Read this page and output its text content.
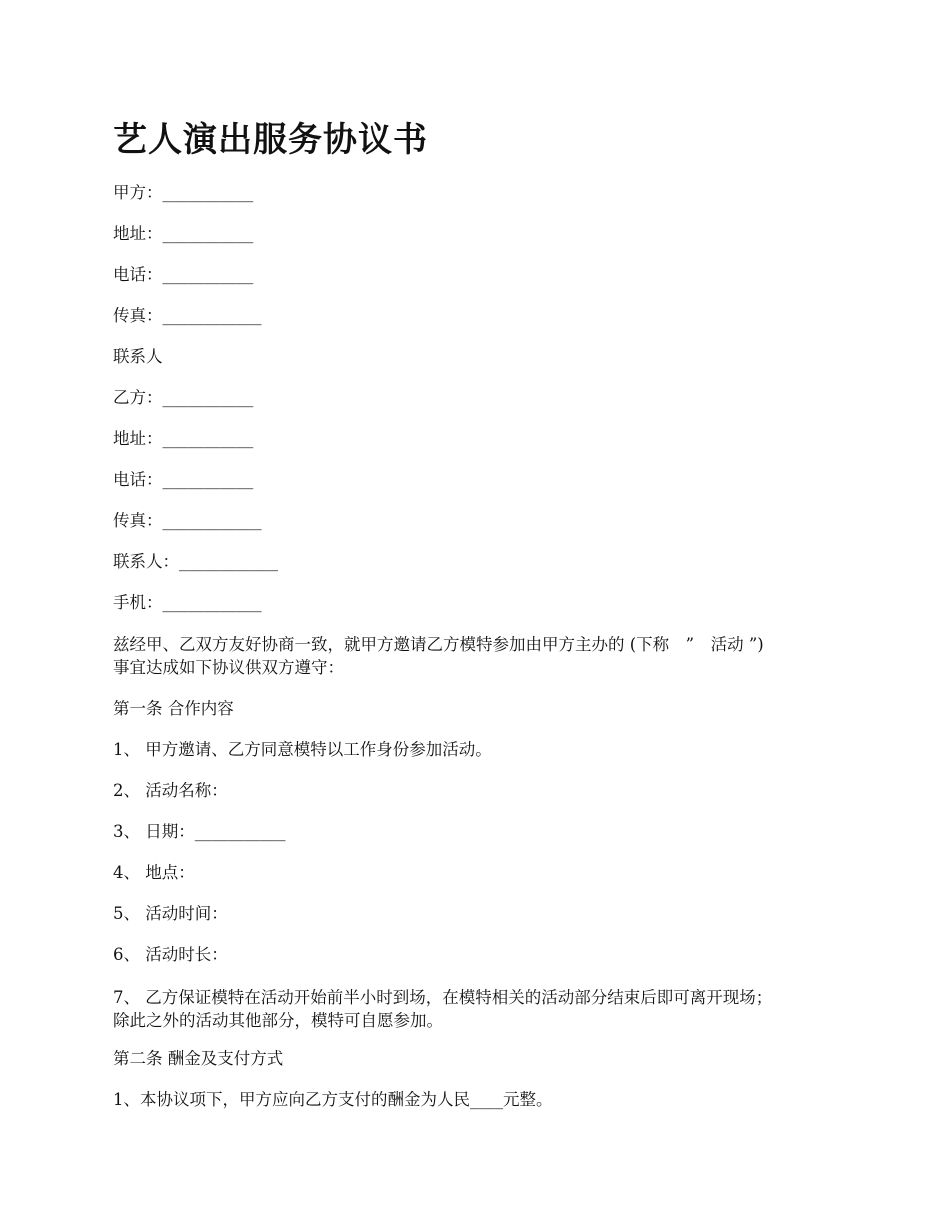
艺人演出服务协议书
甲方：___________
地址：___________
电话：___________
传真：____________
联系人
乙方：___________
地址：___________
电话：___________
传真：____________
联系人：____________
手机：____________
兹经甲、乙双方友好协商一致，就甲方邀请乙方模特参加由甲方主办的 (下称　”　活动 ”)
事宜达成如下协议供双方遵守：
第一条 合作内容
1、 甲方邀请、乙方同意模特以工作身份参加活动。
2、 活动名称：
3、 日期：___________
4、 地点：
5、 活动时间：
6、 活动时长：
7、 乙方保证模特在活动开始前半小时到场，在模特相关的活动部分结束后即可离开现场；
除此之外的活动其他部分，模特可自愿参加。
第二条 酬金及支付方式
1、本协议项下，甲方应向乙方支付的酬金为人民____元整。
